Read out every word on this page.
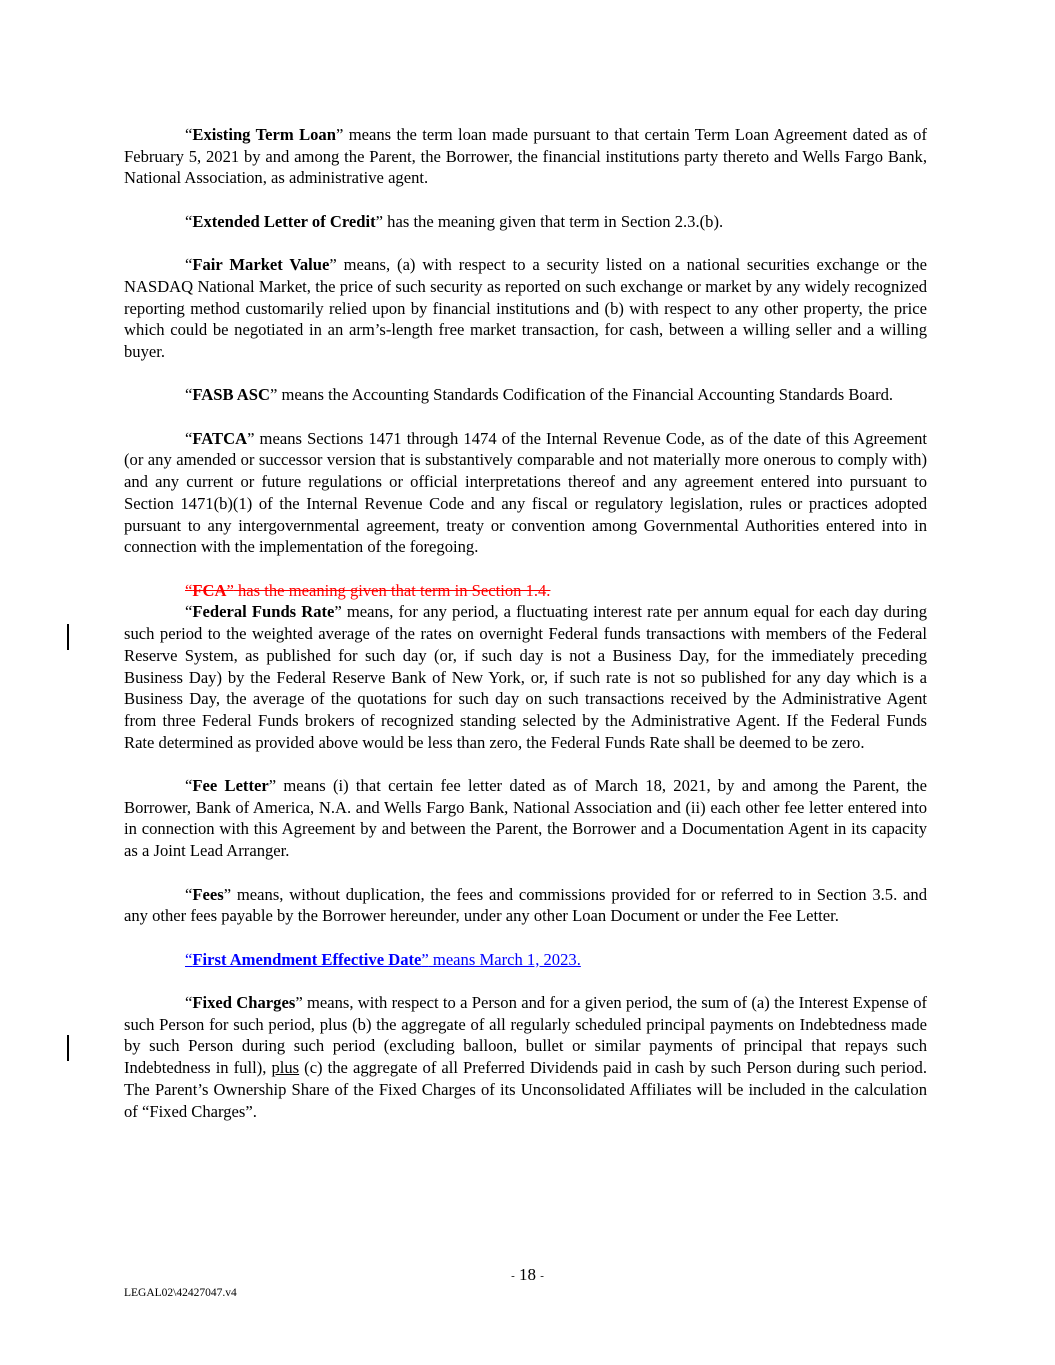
“Existing Term Loan” means the term loan made pursuant to that certain Term Loan Agreement dated as of February 5, 2021 by and among the Parent, the Borrower, the financial institutions party thereto and Wells Fargo Bank, National Association, as administrative agent.

“Extended Letter of Credit” has the meaning given that term in Section 2.3.(b).

“Fair Market Value” means, (a) with respect to a security listed on a national securities exchange or the NASDAQ National Market, the price of such security as reported on such exchange or market by any widely recognized reporting method customarily relied upon by financial institutions and (b) with respect to any other property, the price which could be negotiated in an arm’s-length free market transaction, for cash, between a willing seller and a willing buyer.

“FASB ASC” means the Accounting Standards Codification of the Financial Accounting Standards Board.

“FATCA” means Sections 1471 through 1474 of the Internal Revenue Code, as of the date of this Agreement (or any amended or successor version that is substantively comparable and not materially more onerous to comply with) and any current or future regulations or official interpretations thereof and any agreement entered into pursuant to Section 1471(b)(1) of the Internal Revenue Code and any fiscal or regulatory legislation, rules or practices adopted pursuant to any intergovernmental agreement, treaty or convention among Governmental Authorities entered into in connection with the implementation of the foregoing.

“FCA” has the meaning given that term in Section 1.4.

“Federal Funds Rate” means, for any period, a fluctuating interest rate per annum equal for each day during such period to the weighted average of the rates on overnight Federal funds transactions with members of the Federal Reserve System, as published for such day (or, if such day is not a Business Day, for the immediately preceding Business Day) by the Federal Reserve Bank of New York, or, if such rate is not so published for any day which is a Business Day, the average of the quotations for such day on such transactions received by the Administrative Agent from three Federal Funds brokers of recognized standing selected by the Administrative Agent. If the Federal Funds Rate determined as provided above would be less than zero, the Federal Funds Rate shall be deemed to be zero.

“Fee Letter” means (i) that certain fee letter dated as of March 18, 2021, by and among the Parent, the Borrower, Bank of America, N.A. and Wells Fargo Bank, National Association and (ii) each other fee letter entered into in connection with this Agreement by and between the Parent, the Borrower and a Documentation Agent in its capacity as a Joint Lead Arranger.

“Fees” means, without duplication, the fees and commissions provided for or referred to in Section 3.5. and any other fees payable by the Borrower hereunder, under any other Loan Document or under the Fee Letter.

“First Amendment Effective Date” means March 1, 2023.

“Fixed Charges” means, with respect to a Person and for a given period, the sum of (a) the Interest Expense of such Person for such period, plus (b) the aggregate of all regularly scheduled principal payments on Indebtedness made by such Person during such period (excluding balloon, bullet or similar payments of principal that repays such Indebtedness in full), plus (c) the aggregate of all Preferred Dividends paid in cash by such Person during such period. The Parent’s Ownership Share of the Fixed Charges of its Unconsolidated Affiliates will be included in the calculation of “Fixed Charges”.

- 18 -
LEGAL02\42427047.v4
